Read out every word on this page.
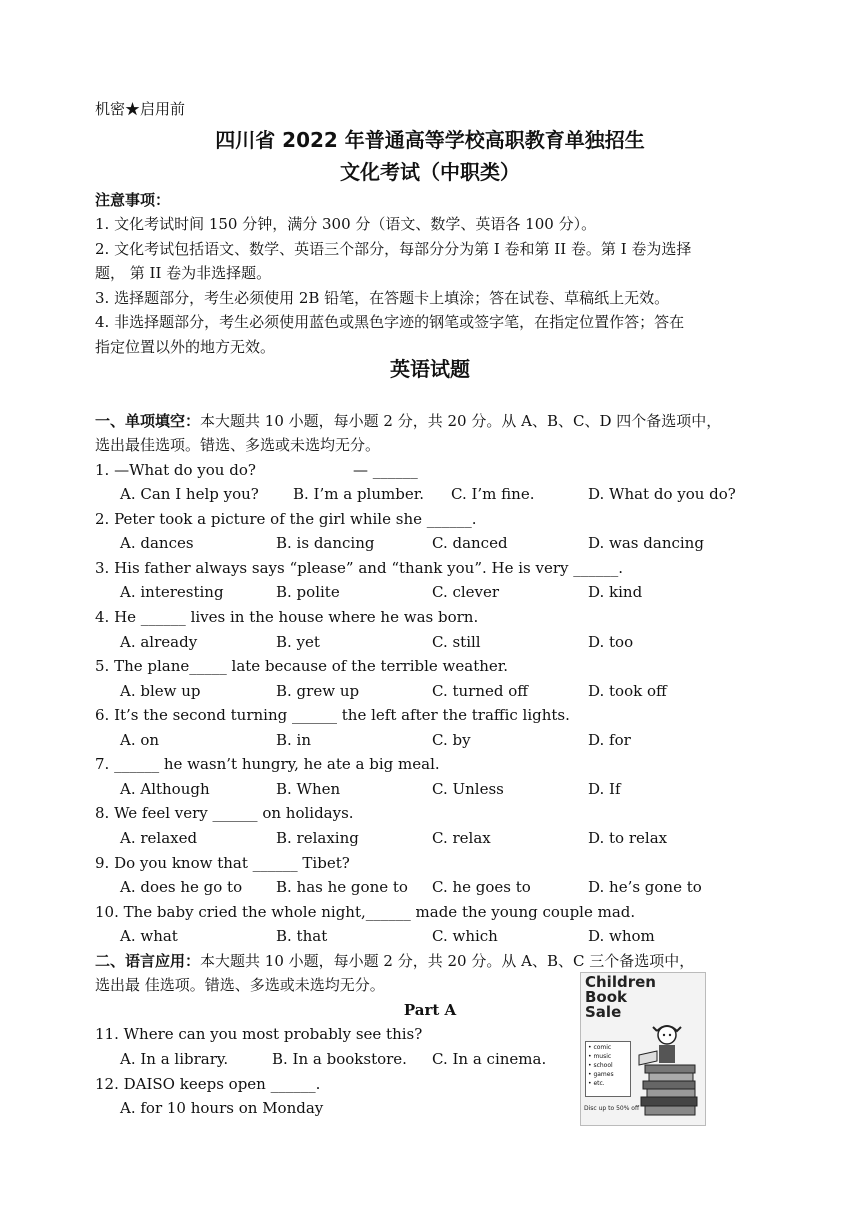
机密★启用前
四川省 2022 年普通高等学校高职教育单独招生
文化考试（中职类）
注意事项：
1. 文化考试时间 150 分钟，满分 300 分（语文、数学、英语各 100 分）。
2. 文化考试包括语文、数学、英语三个部分，每部分分为第 I 卷和第 II 卷。第 I 卷为选择
题， 第 II 卷为非选择题。
3. 选择题部分，考生必须使用 2B 铅笔，在答题卡上填涂；答在试卷、草稿纸上无效。
4. 非选择题部分，考生必须使用蓝色或黑色字迹的钢笔或签字笔，在指定位置作答；答在
指定位置以外的地方无效。
英语试题
一、单项填空：本大题共 10 小题，每小题 2 分，共 20 分。从 A、B、C、D 四个备选项中，
选出最佳选项。错选、多选或未选均无分。
1. —What do you do?	— ______
A. Can I help you? B. I’m a plumber. C. I’m fine.	D. What do you do?
2. Peter took a picture of the girl while she ______.
A. dances	B. is dancing	C. danced	D. was dancing
3. His father always says “please” and “thank you”. He is very ______.
A. interesting	B. polite	C. clever	D. kind
4. He ______ lives in the house where he was born.
A. already	B. yet	C. still	D. too
5. The plane_____ late because of the terrible weather.
A. blew up	B. grew up	C. turned off	D. took off
6. It’s the second turning ______ the left after the traffic lights.
A. on	B. in	C. by	D. for
7. ______ he wasn’t hungry, he ate a big meal.
A. Although	B. When	C. Unless	D. If
8. We feel very ______ on holidays.
A. relaxed	B. relaxing	C. relax	D. to relax
9. Do you know that ______ Tibet?
A. does he go to B. has he gone to C. he goes to	D. he’s gone to
10. The baby cried the whole night,______ made the young couple mad.
A. what	B. that	C. which	D. whom
二、语言应用：本大题共 10 小题，每小题 2 分，共 20 分。从 A、B、C 三个备选项中，
选出最 佳选项。错选、多选或未选均无分。
Part A
11. Where can you most probably see this?
A. In a library.	B. In a bookstore. C. In a cinema.
12. DAISO keeps open ______.
A. for 10 hours on Monday
Children
Book
Sale
• comic
• music
• school
• games
• etc.
Disc up to 50% off
